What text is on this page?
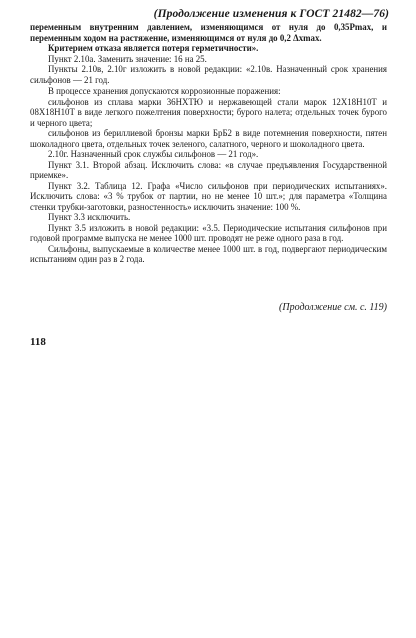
(Продолжение изменения к ГОСТ 21482—76)

переменным внутренним давлением, изменяющимся от нуля до 0,35Pmax, и переменным ходом на растяжение, изменяющимся от нуля до 0,2 Δxmax.

Критерием отказа является потеря герметичности».

Пункт 2.10а. Заменить значение: 16 на 25.

Пункты 2.10в, 2.10г изложить в новой редакции: «2.10в. Назначенный срок хранения сильфонов — 21 год.

В процессе хранения допускаются коррозионные поражения:

сильфонов из сплава марки 36НХТЮ и нержавеющей стали марок 12Х18Н10Т и 08Х18Н10Т в виде легкого пожелтения поверхности; бурого налета; отдельных точек бурого и черного цвета;

сильфонов из бериллиевой бронзы марки БрБ2 в виде потемнения поверхности, пятен шоколадного цвета, отдельных точек зеленого, салатного, черного и шоколадного цвета.

2.10г. Назначенный срок службы сильфонов — 21 год».

Пункт 3.1. Второй абзац. Исключить слова: «в случае предъявления Государственной приемке».

Пункт 3.2. Таблица 12. Графа «Число сильфонов при периодических испытаниях». Исключить слова: «3 % трубок от партии, но не менее 10 шт.»; для параметра «Толщина стенки трубки-заготовки, разностенность» исключить значение: 100 %.

Пункт 3.3 исключить.

Пункт 3.5 изложить в новой редакции: «3.5. Периодические испытания сильфонов при годовой программе выпуска не менее 1000 шт. проводят не реже одного раза в год.

Сильфоны, выпускаемые в количестве менее 1000 шт. в год, подвергают периодическим испытаниям один раз в 2 года.

(Продолжение см. с. 119)
118
